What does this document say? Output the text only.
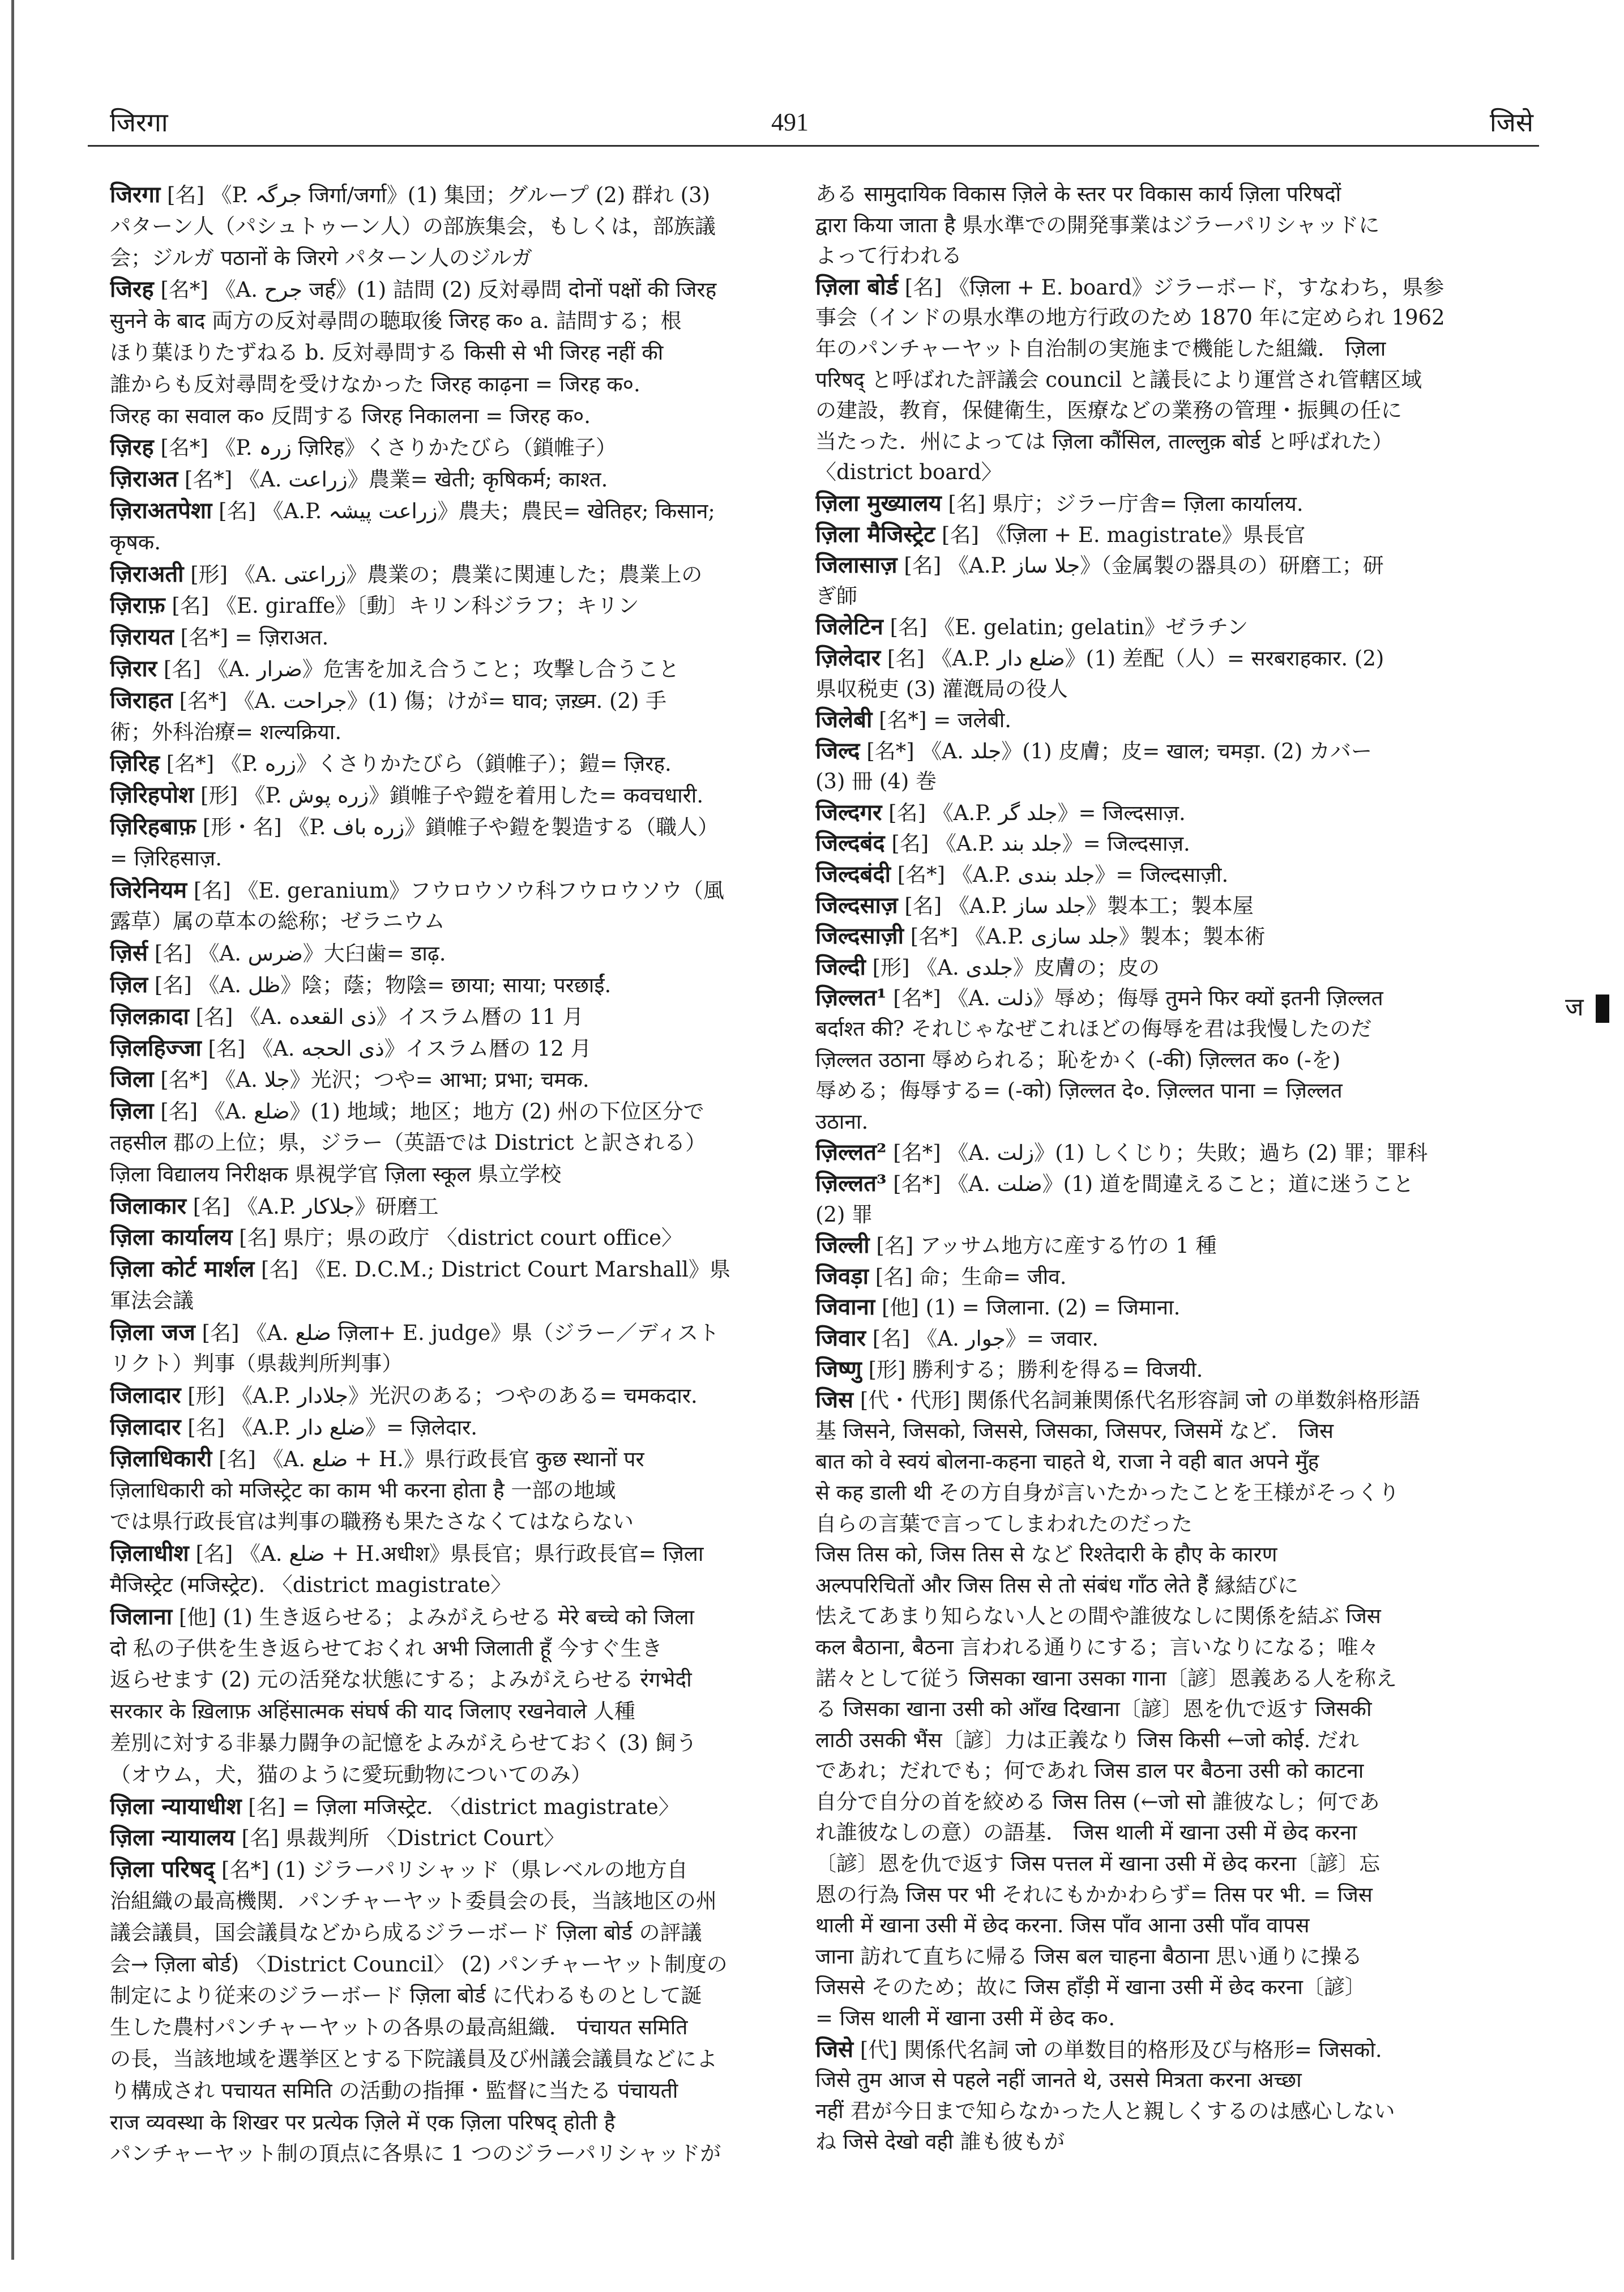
जिरगा	491	जिसे
जिरगा [名] 《P. جرگہ जिर्गा/जर्गा》(1) 集団；グループ (2) 群れ (3)
パターン人（パシュトゥーン人）の部族集会，もしくは，部族議
会；ジルガ पठानों के जिरगे パターン人のジルガ
जिरह [名*] 《A. جرح जर्ह》(1) 詰問 (2) 反対尋問 दोनों पक्षों की जिरह
सुनने के बाद 両方の反対尋問の聴取後 जिरह क० a. 詰問する；根
ほり葉ほりたずねる b. 反対尋問する किसी से भी जिरह नहीं की
誰からも反対尋問を受けなかった जिरह काढ़ना = जिरह क०.
जिरह का सवाल क० 反問する जिरह निकालना = जिरह क०.
ज़िरह [名*] 《P. زرہ ज़िरिह》くさりかたびら（鎖帷子）
ज़िराअत [名*] 《A. زراعت》農業= खेती; कृषिकर्म; काश्त.
ज़िराअतपेशा [名] 《A.P. زراعت پیشہ》農夫；農民= खेतिहर; किसान;
कृषक.
ज़िराअती [形] 《A. زراعتی》農業の；農業に関連した；農業上の
ज़िराफ़ [名] 《E. giraffe》〔動〕キリン科ジラフ；キリン
ज़िरायत [名*] = ज़िराअत.
ज़िरार [名] 《A. ضرار》危害を加え合うこと；攻撃し合うこと
जिराहत [名*] 《A. جراحت》(1) 傷；けが= घाव; ज़ख़्म. (2) 手
術；外科治療= शल्यक्रिया.
ज़िरिह [名*] 《P. زره》くさりかたびら（鎖帷子）；鎧= ज़िरह.
ज़िरिहपोश [形] 《P. زره پوش》鎖帷子や鎧を着用した= कवचधारी.
ज़िरिहबाफ़ [形・名] 《P. زره باف》鎖帷子や鎧を製造する（職人）
= ज़िरिहसाज़.
जिरेनियम [名] 《E. geranium》フウロウソウ科フウロウソウ（風
露草）属の草本の総称；ゼラニウム
ज़िर्स [名] 《A. ضرس》大臼歯= डाढ़.
ज़िल [名] 《A. ظل》陰；蔭；物陰= छाया; साया; परछाईं.
ज़िलक़ादा [名] 《A. ذی القعده》イスラム暦の 11 月
ज़िलहिज्जा [名] 《A. ذی الحجه》イスラム暦の 12 月
जिला [名*] 《A. جلا》光沢；つや= आभा; प्रभा; चमक.
ज़िला [名] 《A. ضلع》(1) 地域；地区；地方 (2) 州の下位区分で
तहसील 郡の上位；県，ジラー（英語では District と訳される）
ज़िला विद्यालय निरीक्षक 県視学官 ज़िला स्कूल 県立学校
जिलाकार [名] 《A.P. جلاکار》研磨工
ज़िला कार्यालय [名] 県庁；県の政庁 〈district court office〉
ज़िला कोर्ट मार्शल [名] 《E. D.C.M.; District Court Marshall》県
軍法会議
ज़िला जज [名] 《A. ضلع ज़िला+ E. judge》県（ジラー／ディスト
リクト）判事（県裁判所判事）
जिलादार [形] 《A.P. جلادار》光沢のある；つやのある= चमकदार.
ज़िलादार [名] 《A.P. ضلع دار》= ज़िलेदार.
ज़िलाधिकारी [名] 《A. ضلع + H.》県行政長官 कुछ स्थानों पर
ज़िलाधिकारी को मजिस्ट्रेट का काम भी करना होता है 一部の地域
では県行政長官は判事の職務も果たさなくてはならない
ज़िलाधीश [名] 《A. ضلع + H.अधीश》県長官；県行政長官= ज़िला
मैजिस्ट्रेट (मजिस्ट्रेट). 〈district magistrate〉
जिलाना [他] (1) 生き返らせる；よみがえらせる मेरे बच्चे को जिला
दो 私の子供を生き返らせておくれ अभी जिलाती हूँ 今すぐ生き
返らせます (2) 元の活発な状態にする；よみがえらせる रंगभेदी
सरकार के ख़िलाफ़ अहिंसात्मक संघर्ष की याद जिलाए रखनेवाले 人種
差別に対する非暴力闘争の記憶をよみがえらせておく (3) 飼う
（オウム，犬，猫のように愛玩動物についてのみ）
ज़िला न्यायाधीश [名] = ज़िला मजिस्ट्रेट. 〈district magistrate〉
ज़िला न्यायालय [名] 県裁判所 〈District Court〉
ज़िला परिषद् [名*] (1) ジラーパリシャッド（県レベルの地方自
治組織の最高機関．パンチャーヤット委員会の長，当該地区の州
議会議員，国会議員などから成るジラーボード ज़िला बोर्ड の評議
会→ ज़िला बोर्ड) 〈District Council〉 (2) パンチャーヤット制度の
制定により従来のジラーボード ज़िला बोर्ड に代わるものとして誕
生した農村パンチャーヤットの各県の最高組織． पंचायत समिति
の長，当該地域を選挙区とする下院議員及び州議会議員などによ
り構成され पचायत समिति の活動の指揮・監督に当たる पंचायती
राज व्यवस्था के शिखर पर प्रत्येक ज़िले में एक ज़िला परिषद् होती है
パンチャーヤット制の頂点に各県に 1 つのジラーパリシャッドが
ある सामुदायिक विकास ज़िले के स्तर पर विकास कार्य ज़िला परिषदों
द्वारा किया जाता है 県水準での開発事業はジラーパリシャッドに
よって行われる
ज़िला बोर्ड [名] 《ज़िला + E. board》ジラーボード，すなわち，県参
事会（インドの県水準の地方行政のため 1870 年に定められ 1962
年のパンチャーヤット自治制の実施まで機能した組織． ज़िला
परिषद् と呼ばれた評議会 council と議長により運営され管轄区域
の建設，教育，保健衛生，医療などの業務の管理・振興の任に
当たった．州によっては ज़िला कौंसिल, ताल्लुक़ बोर्ड と呼ばれた）
〈district board〉
ज़िला मुख्यालय [名] 県庁；ジラー庁舎= ज़िला कार्यालय.
ज़िला मैजिस्ट्रेट [名] 《ज़िला + E. magistrate》県長官
जिलासाज़ [名] 《A.P. جلا ساز》（金属製の器具の）研磨工；研
ぎ師
जिलेटिन [名] 《E. gelatin; gelatin》ゼラチン
ज़िलेदार [名] 《A.P. ضلع دار》(1) 差配（人）= सरबराहकार. (2)
県収税吏 (3) 灌漑局の役人
जिलेबी [名*] = जलेबी.
जिल्द [名*] 《A. جلد》(1) 皮膚；皮= खाल; चमड़ा. (2) カバー
(3) 冊 (4) 巻
जिल्दगर [名] 《A.P. جلد گر》= जिल्दसाज़.
जिल्दबंद [名] 《A.P. جلد بند》= जिल्दसाज़.
जिल्दबंदी [名*] 《A.P. جلد بندی》= जिल्दसाज़ी.
जिल्दसाज़ [名] 《A.P. جلد ساز》製本工；製本屋
जिल्दसाज़ी [名*] 《A.P. جلد سازی》製本；製本術
जिल्दी [形] 《A. جلدی》皮膚の；皮の
ज़िल्लत¹ [名*] 《A. ذلت》辱め；侮辱 तुमने फिर क्यों इतनी ज़िल्लत
बर्दाश्त की? それじゃなぜこれほどの侮辱を君は我慢したのだ
ज़िल्लत उठाना 辱められる；恥をかく (-की) ज़िल्लत क० (-を)
辱める；侮辱する= (-को) ज़िल्लत दे०. ज़िल्लत पाना = ज़िल्लत
उठाना.
ज़िल्लत² [名*] 《A. زلت》(1) しくじり；失敗；過ち (2) 罪；罪科
ज़िल्लत³ [名*] 《A. ضلت》(1) 道を間違えること；道に迷うこと
(2) 罪
जिल्ली [名] アッサム地方に産する竹の 1 種
जिवड़ा [名] 命；生命= जीव.
जिवाना [他] (1) = जिलाना. (2) = जिमाना.
जिवार [名] 《A. جوار》= जवार.
जिष्णु [形] 勝利する；勝利を得る= विजयी.
जिस [代・代形] 関係代名詞兼関係代名形容詞 जो の単数斜格形語
基 जिसने, जिसको, जिससे, जिसका, जिसपर, जिसमें など． जिस
बात को वे स्वयं बोलना-कहना चाहते थे, राजा ने वही बात अपने मुँह
से कह डाली थी その方自身が言いたかったことを王様がそっくり
自らの言葉で言ってしまわれたのだった
जिस तिस को, जिस तिस से など रिश्तेदारी के हौए के कारण
अल्पपरिचितों और जिस तिस से तो संबंध गाँठ लेते हैं 縁結びに
怯えてあまり知らない人との間や誰彼なしに関係を結ぶ जिस
कल बैठाना, बैठना 言われる通りにする；言いなりになる；唯々
諾々として従う जिसका खाना उसका गाना〔諺〕恩義ある人を称え
る जिसका खाना उसी को आँख दिखाना〔諺〕恩を仇で返す जिसकी
लाठी उसकी भैंस〔諺〕力は正義なり जिस किसी ←जो कोई. だれ
であれ；だれでも；何であれ जिस डाल पर बैठना उसी को काटना
自分で自分の首を絞める जिस तिस (←जो सो 誰彼なし；何であ
れ誰彼なしの意）の語基． जिस थाली में खाना उसी में छेद करना
〔諺〕恩を仇で返す जिस पत्तल में खाना उसी में छेद करना〔諺〕忘
恩の行為 जिस पर भी それにもかかわらず= तिस पर भी. = जिस
थाली में खाना उसी में छेद करना. जिस पाँव आना उसी पाँव वापस
जाना 訪れて直ちに帰る जिस बल चाहना बैठाना 思い通りに操る
जिससे そのため；故に जिस हाँड़ी में खाना उसी में छेद करना〔諺〕
= जिस थाली में खाना उसी में छेद क०.
जिसे [代] 関係代名詞 जो の単数目的格形及び与格形= जिसको.
जिसे तुम आज से पहले नहीं जानते थे, उससे मित्रता करना अच्छा
नहीं 君が今日まで知らなかった人と親しくするのは感心しない
ね जिसे देखो वही 誰も彼もが
ज
